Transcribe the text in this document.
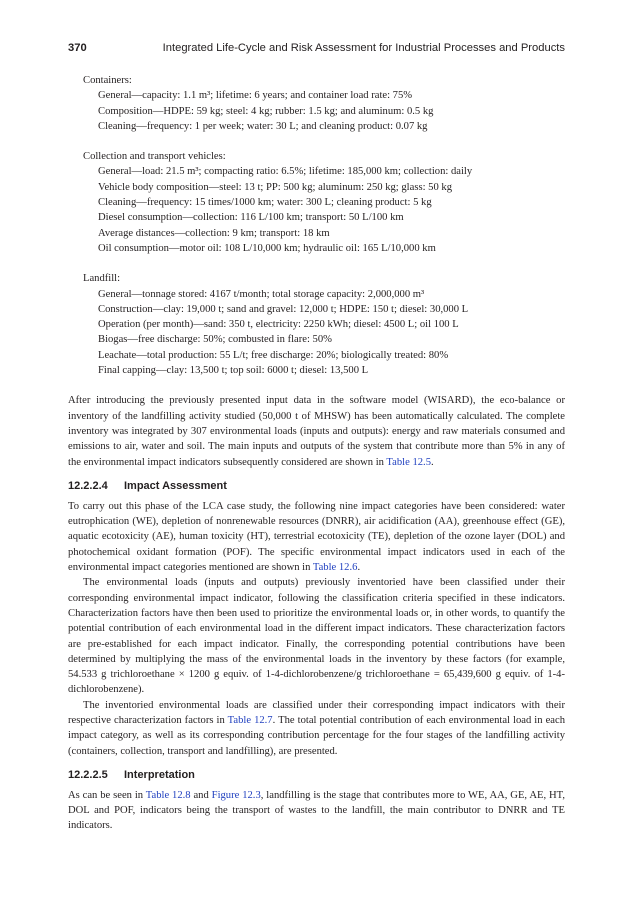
370	Integrated Life-Cycle and Risk Assessment for Industrial Processes and Products
Containers:
General—capacity: 1.1 m³; lifetime: 6 years; and container load rate: 75%
Composition—HDPE: 59 kg; steel: 4 kg; rubber: 1.5 kg; and aluminum: 0.5 kg
Cleaning—frequency: 1 per week; water: 30 L; and cleaning product: 0.07 kg
Collection and transport vehicles:
General—load: 21.5 m³; compacting ratio: 6.5%; lifetime: 185,000 km; collection: daily
Vehicle body composition—steel: 13 t; PP: 500 kg; aluminum: 250 kg; glass: 50 kg
Cleaning—frequency: 15 times/1000 km; water: 300 L; cleaning product: 5 kg
Diesel consumption—collection: 116 L/100 km; transport: 50 L/100 km
Average distances—collection: 9 km; transport: 18 km
Oil consumption—motor oil: 108 L/10,000 km; hydraulic oil: 165 L/10,000 km
Landfill:
General—tonnage stored: 4167 t/month; total storage capacity: 2,000,000 m³
Construction—clay: 19,000 t; sand and gravel: 12,000 t; HDPE: 150 t; diesel: 30,000 L
Operation (per month)—sand: 350 t, electricity: 2250 kWh; diesel: 4500 L; oil 100 L
Biogas—free discharge: 50%; combusted in flare: 50%
Leachate—total production: 55 L/t; free discharge: 20%; biologically treated: 80%
Final capping—clay: 13,500 t; top soil: 6000 t; diesel: 13,500 L

After introducing the previously presented input data in the software model (WISARD), the eco-balance or inventory of the landfilling activity studied (50,000 t of MHSW) has been automatically calculated. The complete inventory was integrated by 307 environmental loads (inputs and outputs): energy and raw materials consumed and emissions to air, water and soil. The main inputs and outputs of the system that contribute more than 5% in any of the environmental impact indicators subsequently considered are shown in Table 12.5.

12.2.2.4 Impact Assessment

To carry out this phase of the LCA case study, the following nine impact categories have been considered: water eutrophication (WE), depletion of nonrenewable resources (DNRR), air acidification (AA), greenhouse effect (GE), aquatic ecotoxicity (AE), human toxicity (HT), terrestrial ecotoxicity (TE), depletion of the ozone layer (DOL) and photochemical oxidant formation (POF). The specific environmental impact indicators used in each of the environmental impact categories mentioned are shown in Table 12.6.

The environmental loads (inputs and outputs) previously inventoried have been classified under their corresponding environmental impact indicator, following the classification criteria specified in these indicators. Characterization factors have then been used to prioritize the environmental loads or, in other words, to quantify the potential contribution of each environmental load in the different impact indicators. These characterization factors are pre-established for each impact indicator. Finally, the corresponding potential contributions have been determined by multiplying the mass of the environmental loads in the inventory by these factors (for example, 54.533 g trichloroethane × 1200 g equiv. of 1-4-dichlorobenzene/g trichloroethane = 65,439,600 g equiv. of 1-4-dichlorobenzene).

The inventoried environmental loads are classified under their corresponding impact indicators with their respective characterization factors in Table 12.7. The total potential contribution of each environmental load in each impact category, as well as its corresponding contribution percentage for the four stages of the landfilling activity (containers, collection, transport and landfilling), are presented.

12.2.2.5 Interpretation

As can be seen in Table 12.8 and Figure 12.3, landfilling is the stage that contributes more to WE, AA, GE, AE, HT, DOL and POF, indicators being the transport of wastes to the landfill, the main contributor to DNRR and TE indicators.
